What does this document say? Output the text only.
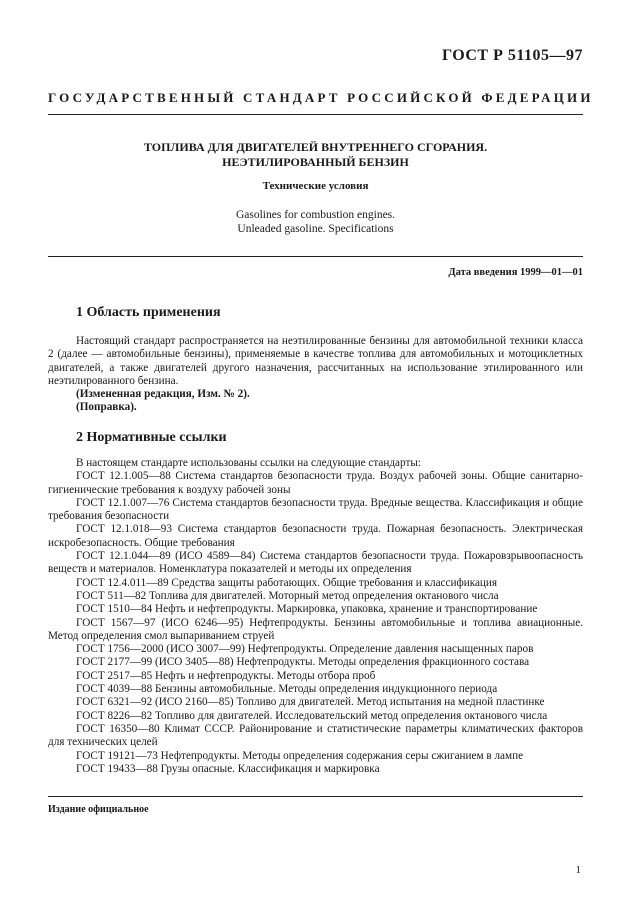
ГОСТ Р 51105—97
ГОСУДАРСТВЕННЫЙ СТАНДАРТ РОССИЙСКОЙ ФЕДЕРАЦИИ
ТОПЛИВА ДЛЯ ДВИГАТЕЛЕЙ ВНУТРЕННЕГО СГОРАНИЯ.
НЕЭТИЛИРОВАННЫЙ БЕНЗИН
Технические условия
Gasolines for combustion engines.
Unleaded gasoline. Specifications
Дата введения 1999—01—01
1 Область применения

Настоящий стандарт распространяется на неэтилированные бензины для автомобильной техники класса 2 (далее — автомобильные бензины), применяемые в качестве топлива для автомобильных и мотоциклетных двигателей, а также двигателей другого назначения, рассчитанных на использование этилированного или неэтилированного бензина.

(Измененная редакция, Изм. № 2).

(Поправка).

2 Нормативные ссылки

В настоящем стандарте использованы ссылки на следующие стандарты:

ГОСТ 12.1.005—88 Система стандартов безопасности труда. Воздух рабочей зоны. Общие санитарно-гигиенические требования к воздуху рабочей зоны

ГОСТ 12.1.007—76 Система стандартов безопасности труда. Вредные вещества. Классификация и общие требования безопасности

ГОСТ 12.1.018—93 Система стандартов безопасности труда. Пожарная безопасность. Электрическая искробезопасность. Общие требования

ГОСТ 12.1.044—89 (ИСО 4589—84) Система стандартов безопасности труда. Пожаровзрывоопасность веществ и материалов. Номенклатура показателей и методы их определения

ГОСТ 12.4.011—89 Средства защиты работающих. Общие требования и классификация

ГОСТ 511—82 Топлива для двигателей. Моторный метод определения октанового числа

ГОСТ 1510—84 Нефть и нефтепродукты. Маркировка, упаковка, хранение и транспортирование

ГОСТ 1567—97 (ИСО 6246—95) Нефтепродукты. Бензины автомобильные и топлива авиационные. Метод определения смол выпариванием струей

ГОСТ 1756—2000 (ИСО 3007—99) Нефтепродукты. Определение давления насыщенных паров

ГОСТ 2177—99 (ИСО 3405—88) Нефтепродукты. Методы определения фракционного состава

ГОСТ 2517—85 Нефть и нефтепродукты. Методы отбора проб

ГОСТ 4039—88 Бензины автомобильные. Методы определения индукционного периода

ГОСТ 6321—92 (ИСО 2160—85) Топливо для двигателей. Метод испытания на медной пластинке

ГОСТ 8226—82 Топливо для двигателей. Исследовательский метод определения октанового числа

ГОСТ 16350—80 Климат СССР. Районирование и статистические параметры климатических факторов для технических целей

ГОСТ 19121—73 Нефтепродукты. Методы определения содержания серы сжиганием в лампе

ГОСТ 19433—88 Грузы опасные. Классификация и маркировка

Издание официальное
1
